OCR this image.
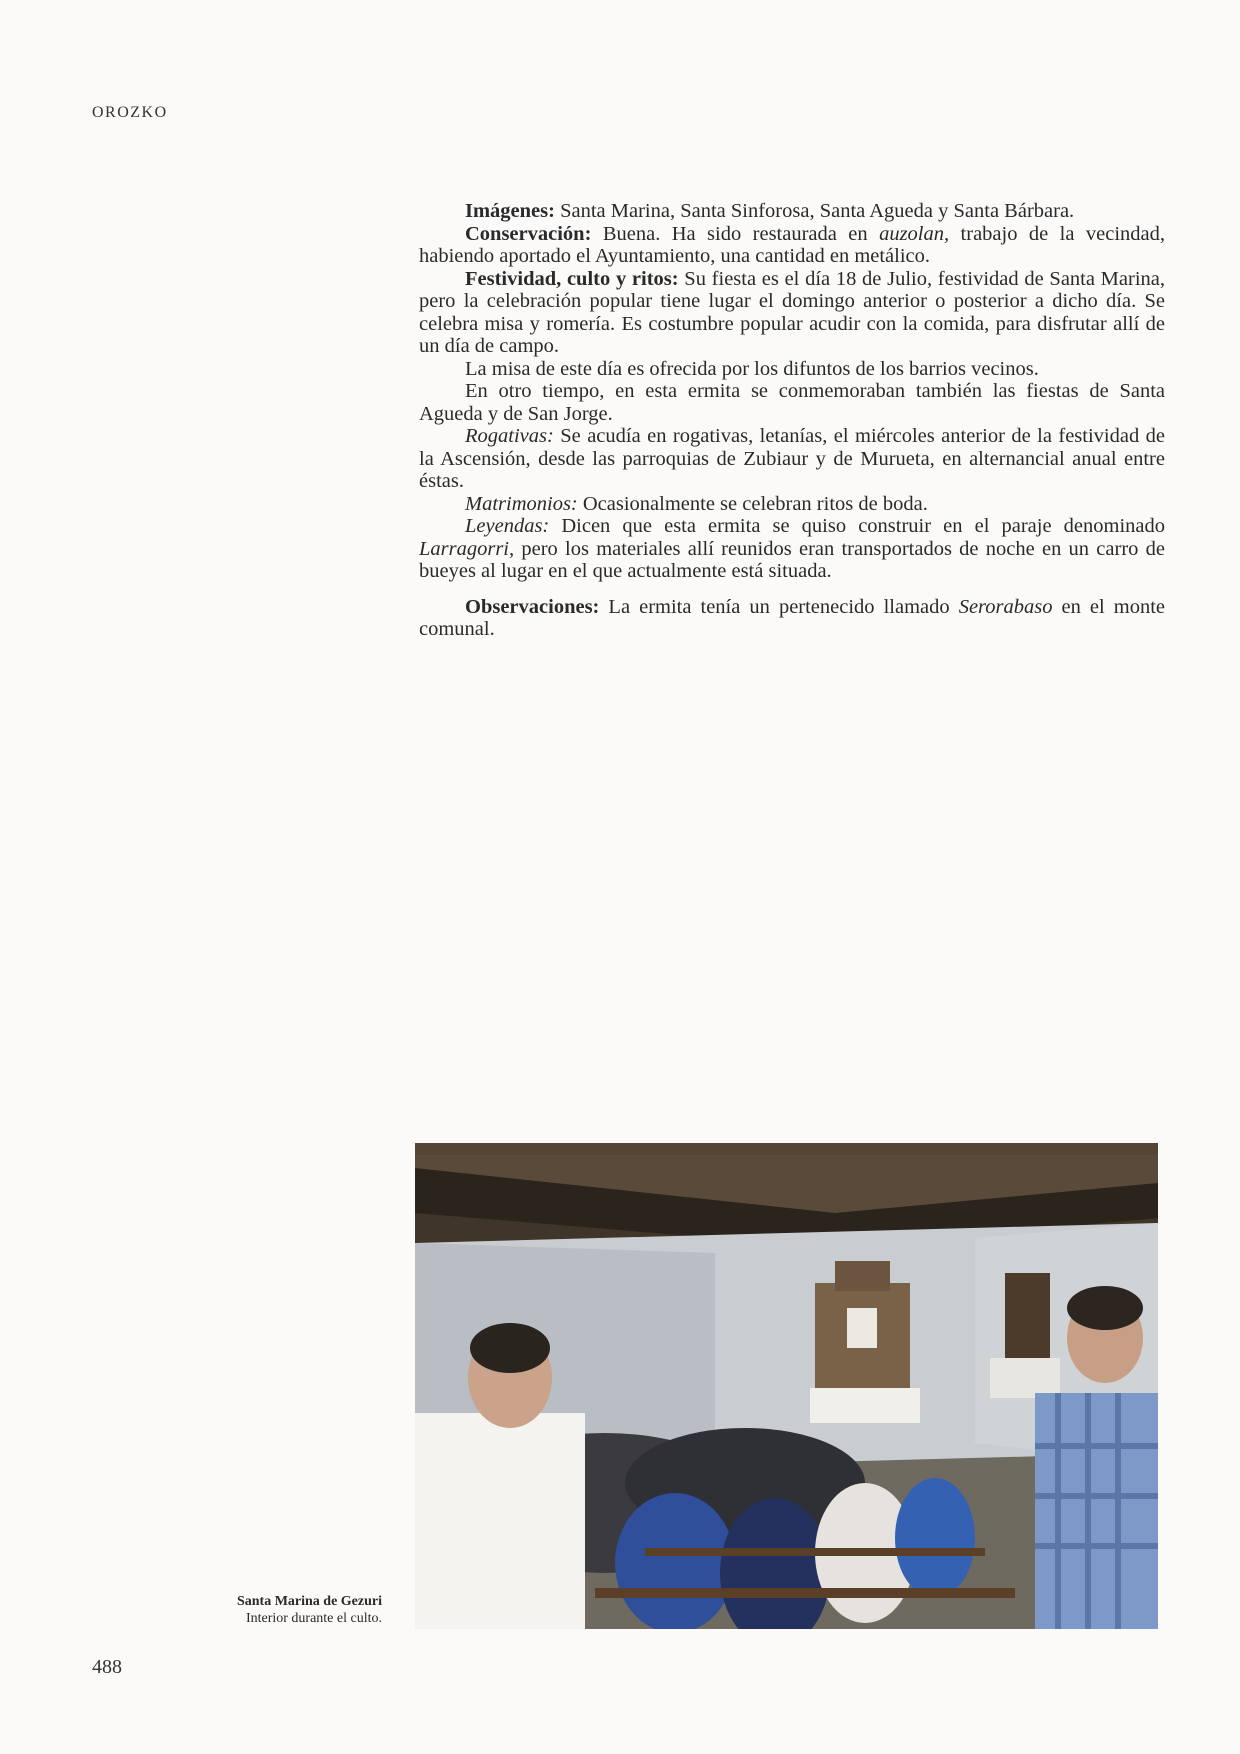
OROZKO

Imágenes: Santa Marina, Santa Sinforosa, Santa Agueda y Santa Bárbara.

Conservación: Buena. Ha sido restaurada en auzolan, trabajo de la vecindad, habiendo aportado el Ayuntamiento, una cantidad en metálico.

Festividad, culto y ritos: Su fiesta es el día 18 de Julio, festividad de Santa Marina, pero la celebración popular tiene lugar el domingo anterior o posterior a dicho día. Se celebra misa y romería. Es costumbre popular acudir con la comida, para disfrutar allí de un día de campo.

La misa de este día es ofrecida por los difuntos de los barrios vecinos.

En otro tiempo, en esta ermita se conmemoraban también las fiestas de Santa Agueda y de San Jorge.

Rogativas: Se acudía en rogativas, letanías, el miércoles anterior de la festividad de la Ascensión, desde las parroquias de Zubiaur y de Murueta, en alternancial anual entre éstas.

Matrimonios: Ocasionalmente se celebran ritos de boda.

Leyendas: Dicen que esta ermita se quiso construir en el paraje denominado Larragorri, pero los materiales allí reunidos eran transportados de noche en un carro de bueyes al lugar en el que actualmente está situada.

Observaciones: La ermita tenía un pertenecido llamado Serorabaso en el monte comunal.

Santa Marina de Gezuri
Interior durante el culto.
488
